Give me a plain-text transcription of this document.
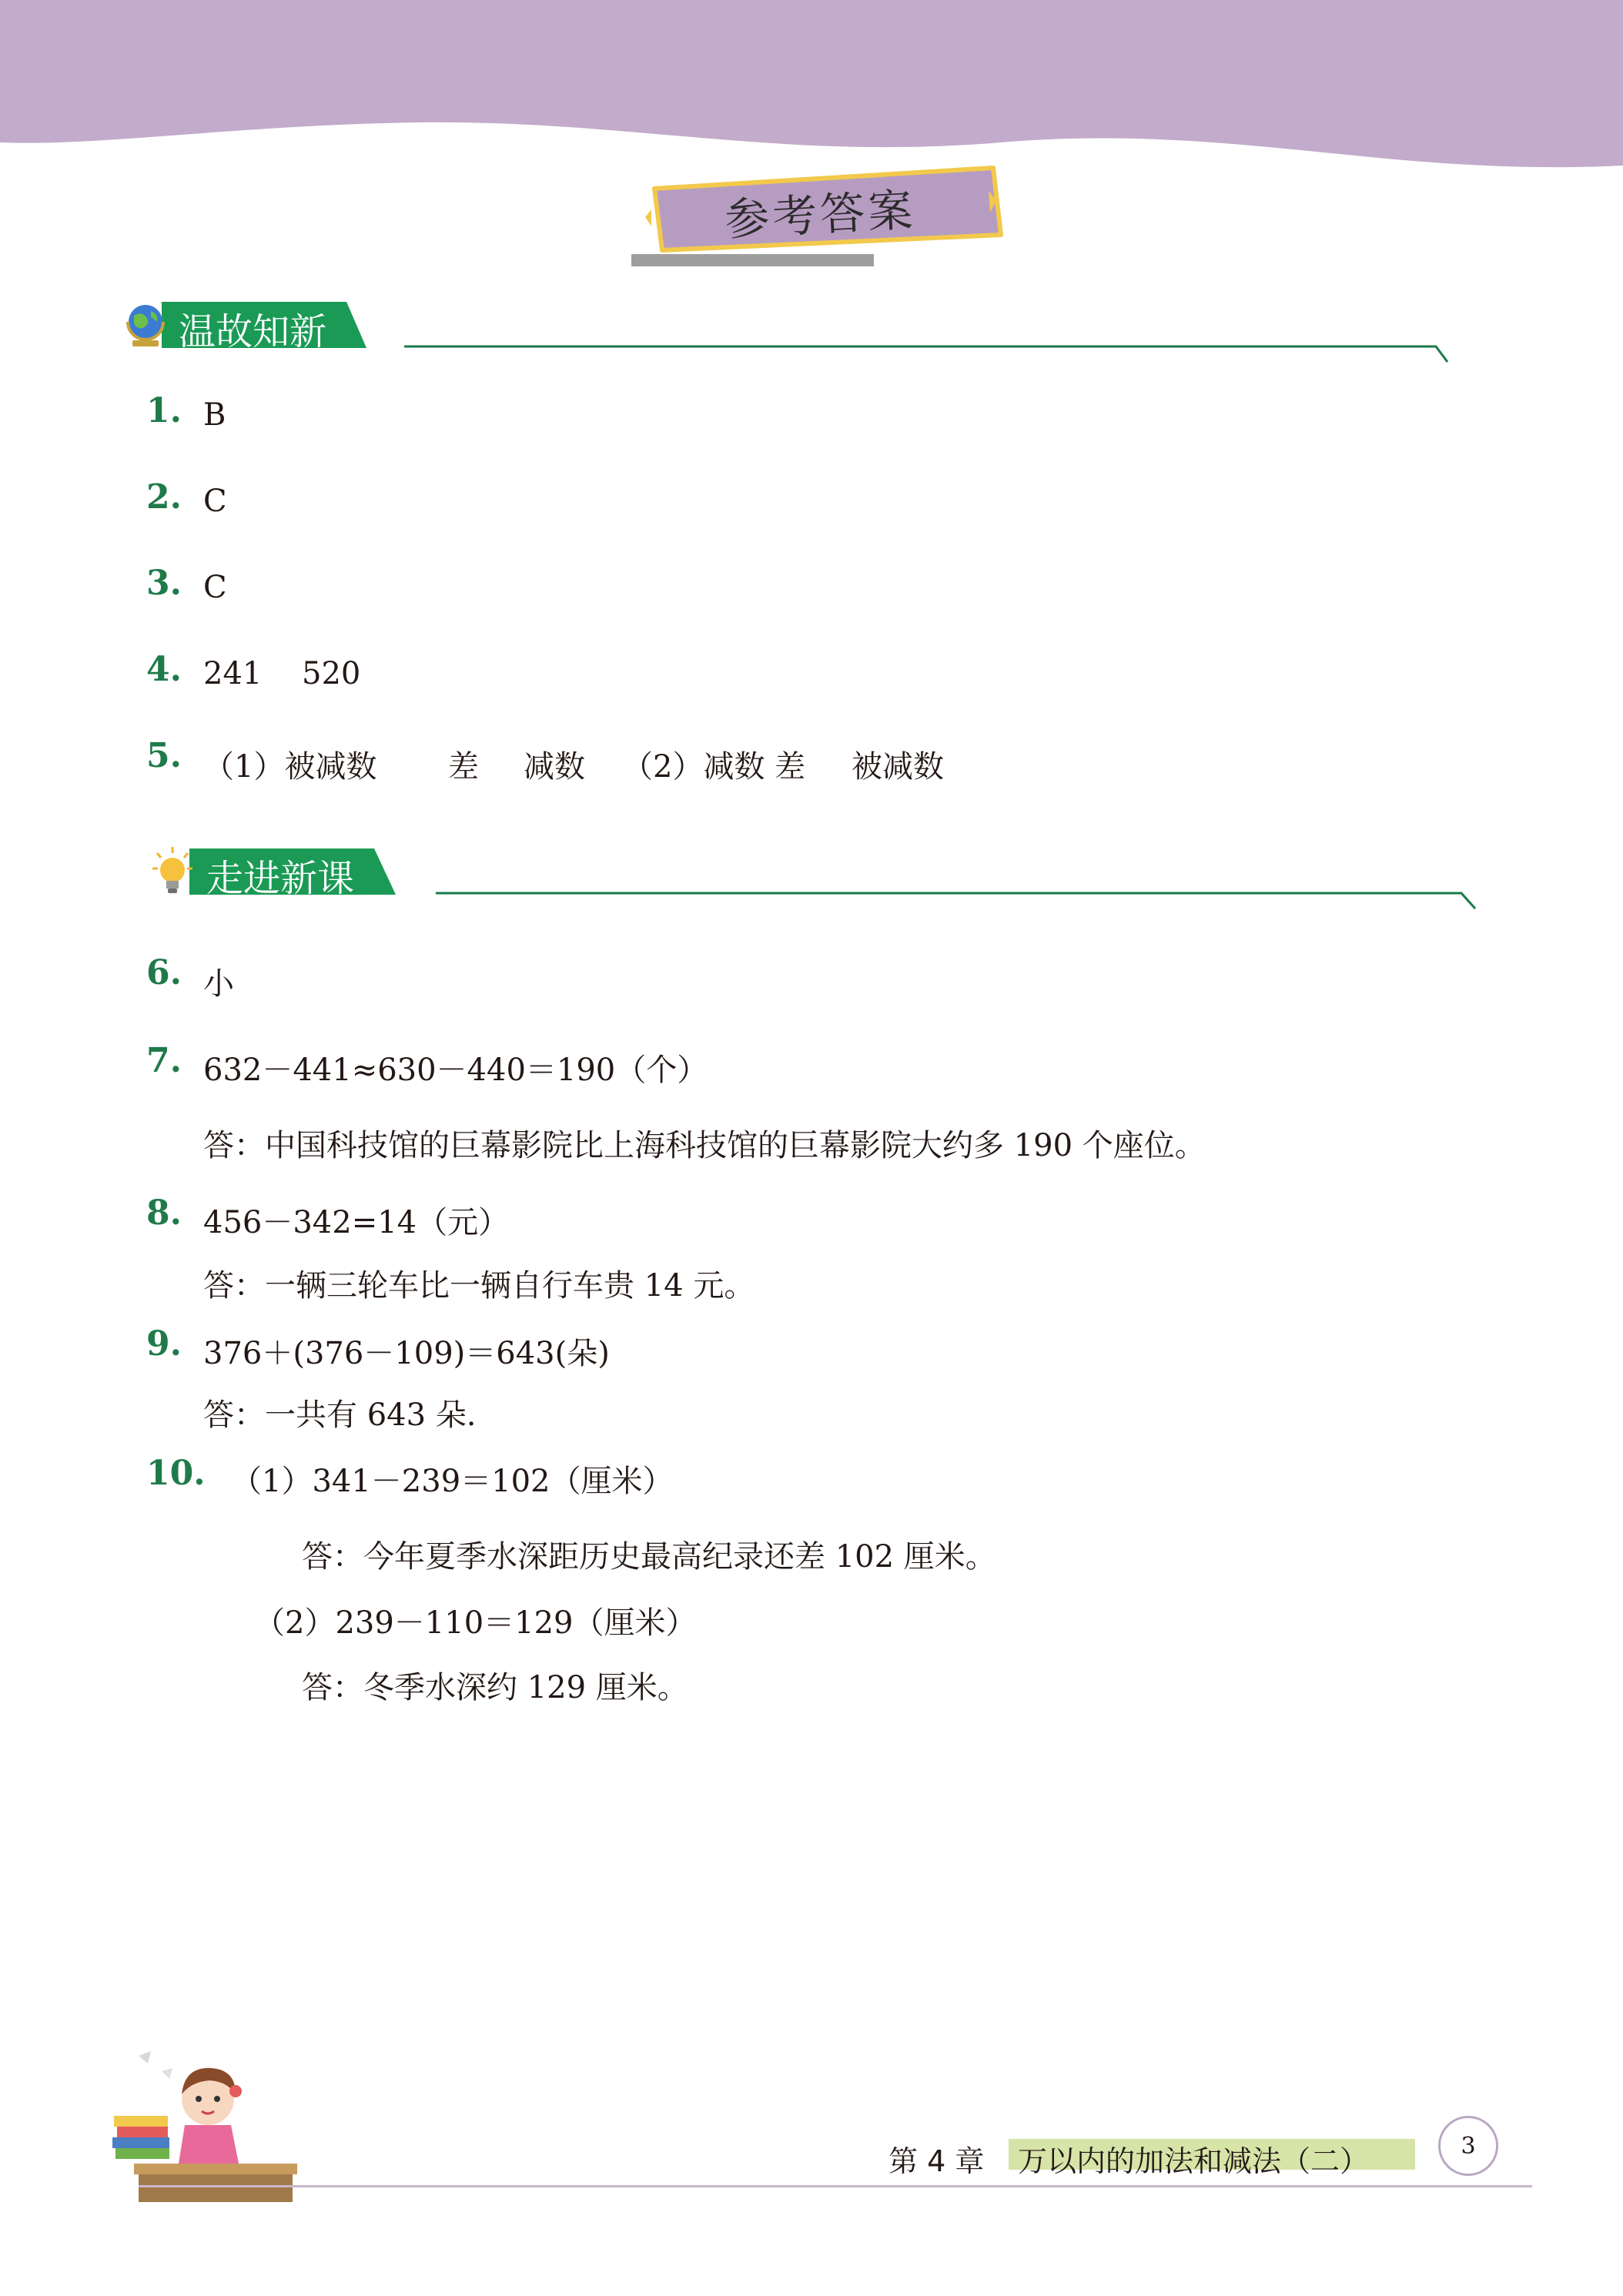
参考答案
温故知新
1. B
2. C
3. C
4. 241 520
5. （1）被减数 差 减数 （2）减数 差 被减数
走进新课
6. 小
7. 632－441≈630－440＝190（个）
答：中国科技馆的巨幕影院比上海科技馆的巨幕影院大约多 190 个座位。
8. 456－342=14（元）
答：一辆三轮车比一辆自行车贵 14 元。
9. 376＋(376－109)＝643(朵)
答：一共有 643 朵.
10. （1）341－239＝102（厘米）
答：今年夏季水深距历史最高纪录还差 102 厘米。
（2）239－110＝129（厘米）
答：冬季水深约 129 厘米。
第 4 章 万以内的加法和减法（二）	3
